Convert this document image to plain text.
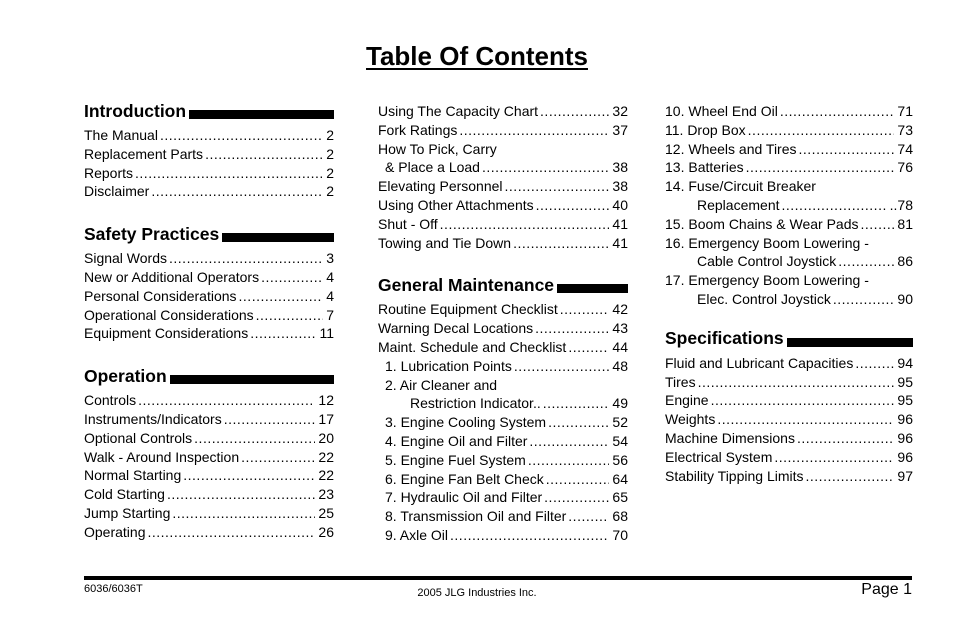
Table Of Contents
Introduction
The Manual .....	2
Replacement Parts .....	2
Reports .....	2
Disclaimer .....	2
Safety Practices
Signal Words .....	3
New or Additional Operators .....	4
Personal Considerations .....	4
Operational Considerations .....	7
Equipment Considerations .....	11
Operation
Controls .....	12
Instruments/Indicators .....	17
Optional Controls .....	20
Walk - Around Inspection .....	22
Normal Starting .....	22
Cold Starting .....	23
Jump Starting .....	25
Operating .....	26
Using The Capacity Chart .....	32
Fork Ratings .....	37
How To Pick, Carry
& Place a Load .....	38
Elevating Personnel .....	38
Using Other Attachments .....	40
Shut - Off .....	41
Towing and Tie Down .....	41
General Maintenance
Routine Equipment Checklist .....	42
Warning Decal Locations .....	43
Maint. Schedule and Checklist .....	44
1. Lubrication Points .....	48
2. Air Cleaner and
Restriction Indicator.. .....	49
3. Engine Cooling System .....	52
4. Engine Oil and Filter .....	54
5. Engine Fuel System .....	56
6. Engine Fan Belt Check .....	64
7. Hydraulic Oil and Filter .....	65
8. Transmission Oil and Filter .....	68
9. Axle Oil .....	70
10. Wheel End Oil .....	71
11. Drop Box .....	73
12. Wheels and Tires .....	74
13. Batteries .....	76
14. Fuse/Circuit Breaker
Replacement .....	..78
15. Boom Chains & Wear Pads .....	81
16. Emergency Boom Lowering -
Cable Control Joystick .....	86
17. Emergency Boom Lowering -
Elec. Control Joystick .....	90
Specifications
Fluid and Lubricant Capacities .....	94
Tires .....	95
Engine .....	95
Weights .....	96
Machine Dimensions .....	96
Electrical System .....	96
Stability Tipping Limits .....	97
6036/6036T	2005 JLG Industries Inc.	Page 1
